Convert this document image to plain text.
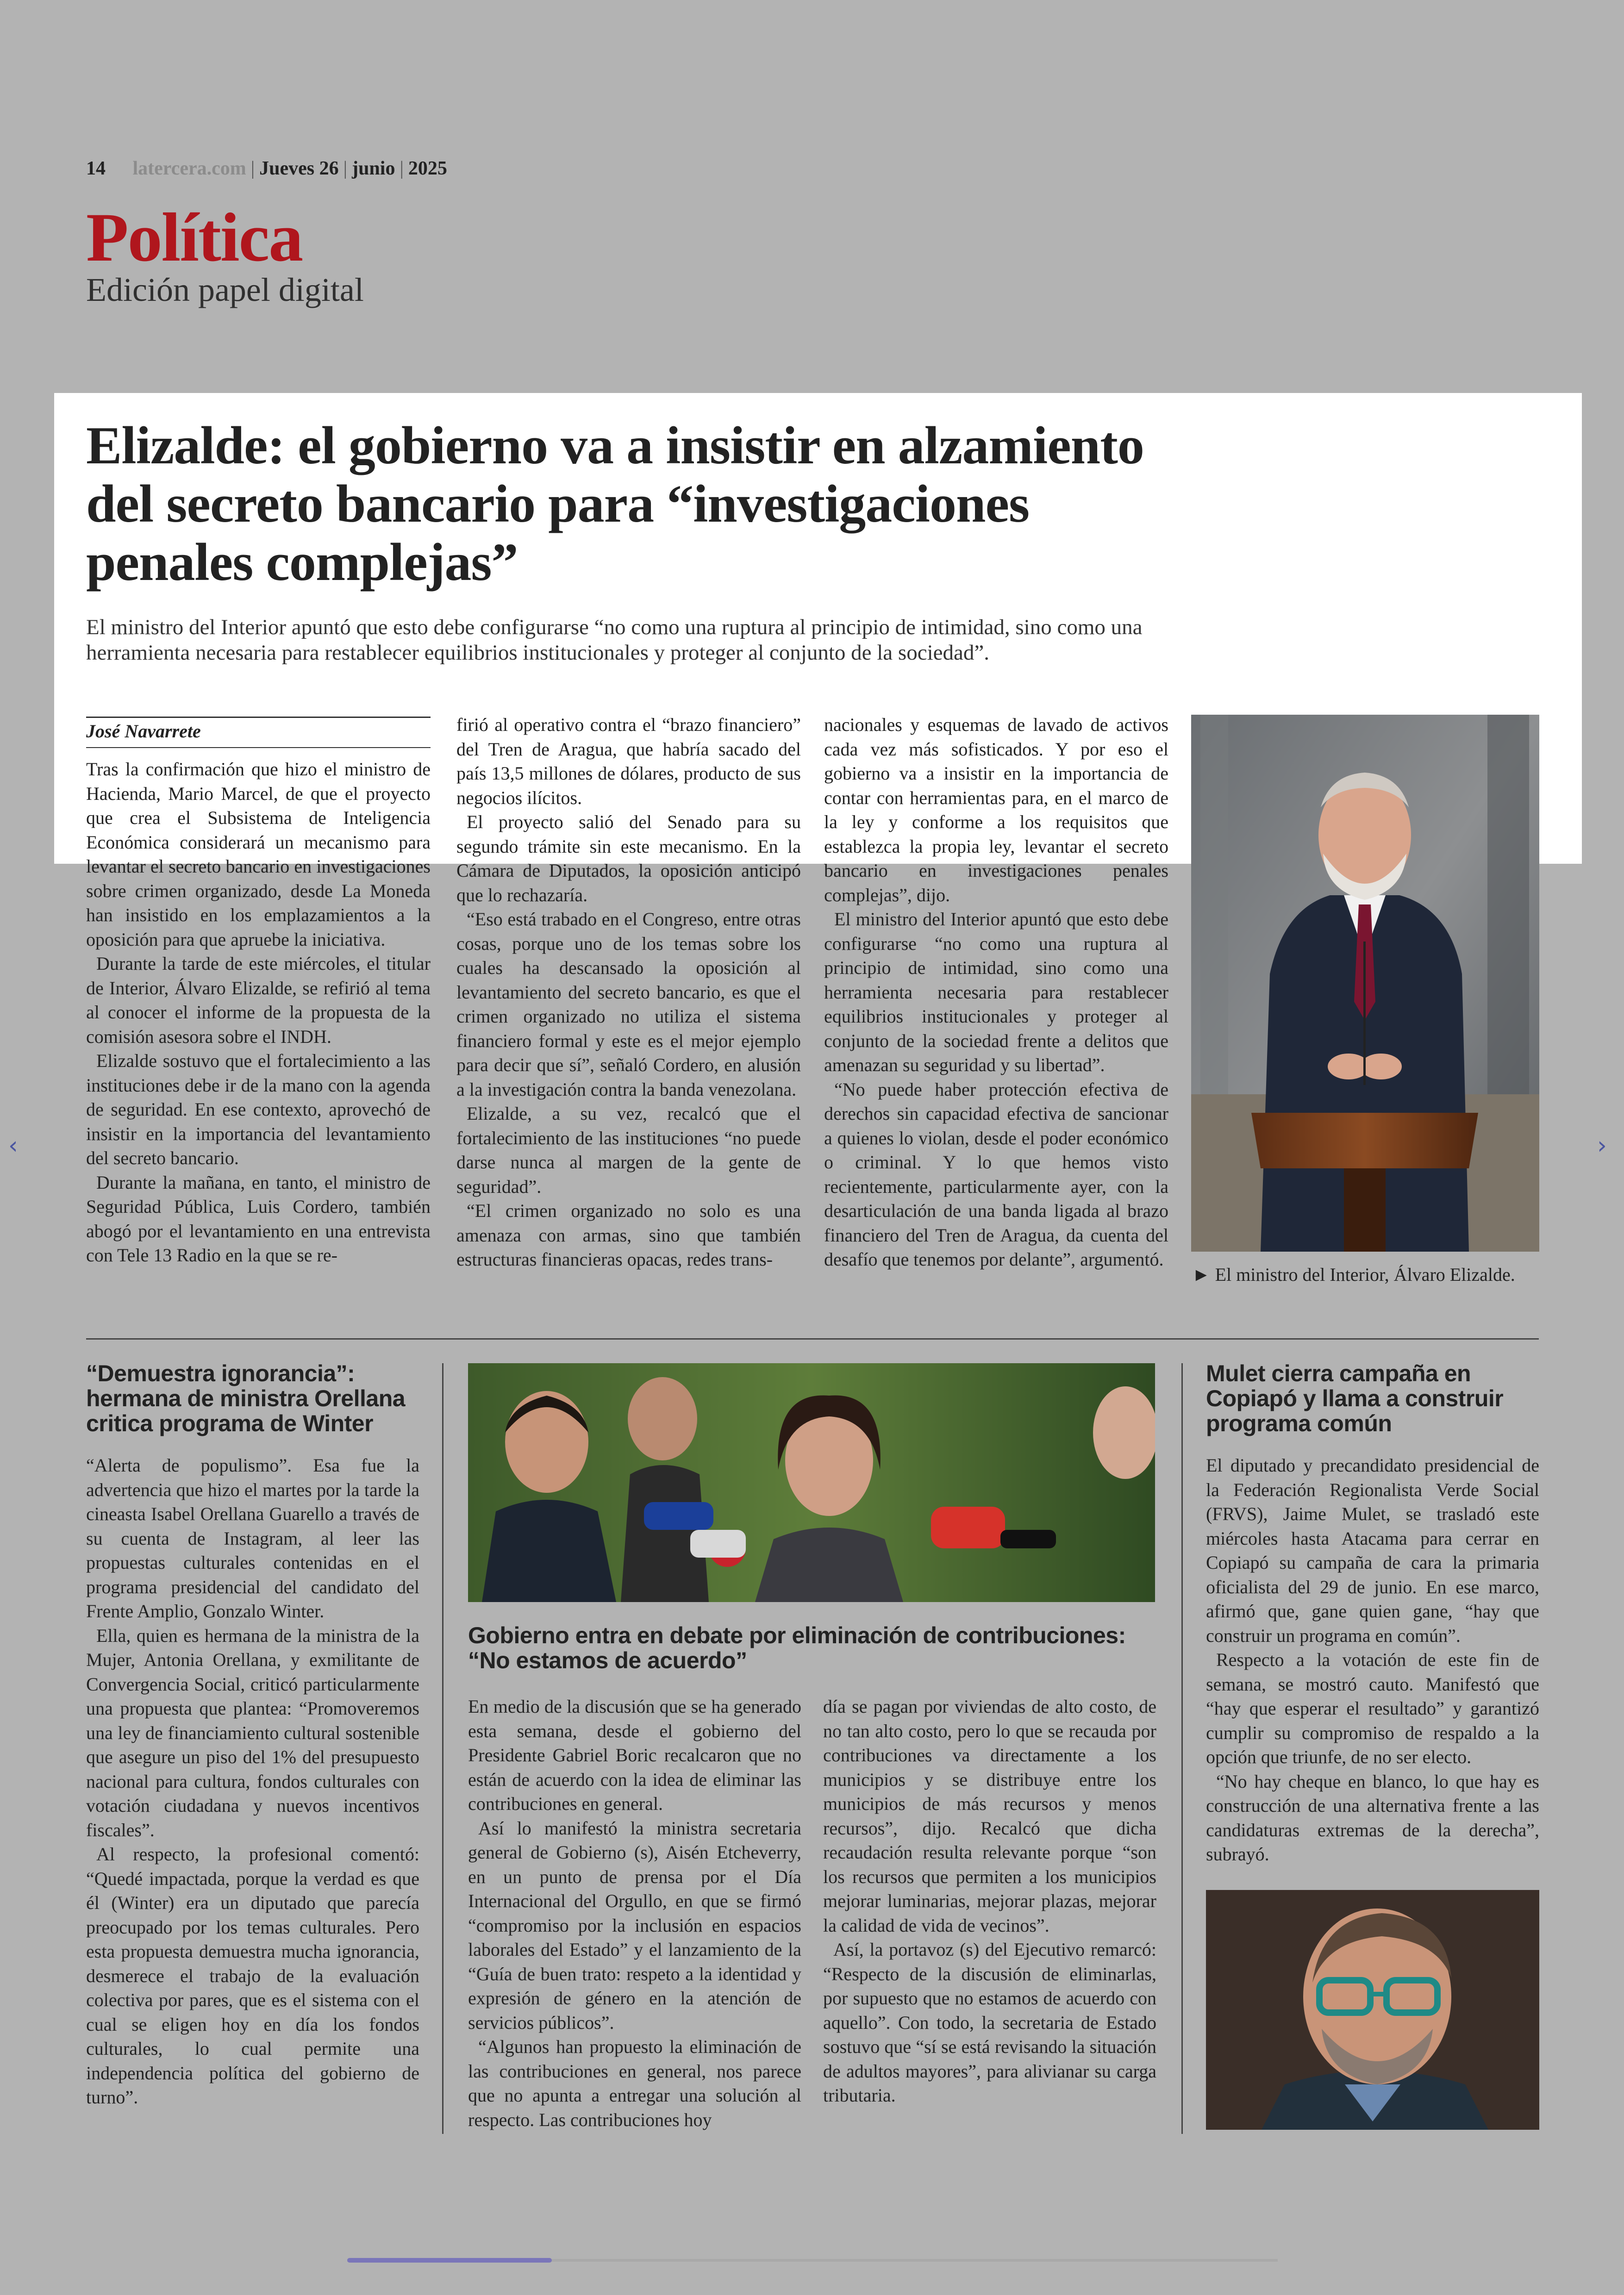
14 latercera.com | Jueves 26 | junio | 2025
Política
Edición papel digital
Elizalde: el gobierno va a insistir en alzamiento del secreto bancario para “investigaciones penales complejas”
El ministro del Interior apuntó que esto debe configurarse “no como una ruptura al principio de intimidad, sino como una herramienta necesaria para restablecer equilibrios institucionales y proteger al conjunto de la sociedad”.
José Navarrete

Tras la confirmación que hizo el ministro de Hacienda, Mario Marcel, de que el proyecto que crea el Subsistema de Inteligencia Económica considerará un mecanismo para levantar el secreto bancario en investigaciones sobre crimen organizado, desde La Moneda han insistido en los emplazamientos a la oposición para que apruebe la iniciativa.

Durante la tarde de este miércoles, el titular de Interior, Álvaro Elizalde, se refirió al tema al conocer el informe de la propuesta de la comisión asesora sobre el INDH.

Elizalde sostuvo que el fortalecimiento a las instituciones debe ir de la mano con la agenda de seguridad. En ese contexto, aprovechó de insistir en la importancia del levantamiento del secreto bancario.

Durante la mañana, en tanto, el ministro de Seguridad Pública, Luis Cordero, también abogó por el levantamiento en una entrevista con Tele 13 Radio en la que se re-

firió al operativo contra el “brazo financiero” del Tren de Aragua, que habría sacado del país 13,5 millones de dólares, producto de sus negocios ilícitos.

El proyecto salió del Senado para su segundo trámite sin este mecanismo. En la Cámara de Diputados, la oposición anticipó que lo rechazaría.

“Eso está trabado en el Congreso, entre otras cosas, porque uno de los temas sobre los cuales ha descansado la oposición al levantamiento del secreto bancario, es que el crimen organizado no utiliza el sistema financiero formal y este es el mejor ejemplo para decir que sí”, señaló Cordero, en alusión a la investigación contra la banda venezolana.

Elizalde, a su vez, recalcó que el fortalecimiento de las instituciones “no puede darse nunca al margen de la gente de seguridad”.

“El crimen organizado no solo es una amenaza con armas, sino que también estructuras financieras opacas, redes trans-

nacionales y esquemas de lavado de activos cada vez más sofisticados. Y por eso el gobierno va a insistir en la importancia de contar con herramientas para, en el marco de la ley y conforme a los requisitos que establezca la propia ley, levantar el secreto bancario en investigaciones penales complejas”, dijo.

El ministro del Interior apuntó que esto debe configurarse “no como una ruptura al principio de intimidad, sino como una herramienta necesaria para restablecer equilibrios institucionales y proteger al conjunto de la sociedad frente a delitos que amenazan su seguridad y su libertad”.

“No puede haber protección efectiva de derechos sin capacidad efectiva de sancionar a quienes lo violan, desde el poder económico o criminal. Y lo que hemos visto recientemente, particularmente ayer, con la desarticulación de una banda ligada al brazo financiero del Tren de Aragua, da cuenta del desafío que tenemos por delante”, argumentó.

► El ministro del Interior, Álvaro Elizalde.
“Demuestra ignorancia”: hermana de ministra Orellana critica programa de Winter

“Alerta de populismo”. Esa fue la advertencia que hizo el martes por la tarde la cineasta Isabel Orellana Guarello a través de su cuenta de Instagram, al leer las propuestas culturales contenidas en el programa presidencial del candidato del Frente Amplio, Gonzalo Winter.

Ella, quien es hermana de la ministra de la Mujer, Antonia Orellana, y exmilitante de Convergencia Social, criticó particularmente una propuesta que plantea: “Promoveremos una ley de financiamiento cultural sostenible que asegure un piso del 1% del presupuesto nacional para cultura, fondos culturales con votación ciudadana y nuevos incentivos fiscales”.

Al respecto, la profesional comentó: “Quedé impactada, porque la verdad es que él (Winter) era un diputado que parecía preocupado por los temas culturales. Pero esta propuesta demuestra mucha ignorancia, desmerece el trabajo de la evaluación colectiva por pares, que es el sistema con el cual se eligen hoy en día los fondos culturales, lo cual permite una independencia política del gobierno de turno”.

Gobierno entra en debate por eliminación de contribuciones: “No estamos de acuerdo”

En medio de la discusión que se ha generado esta semana, desde el gobierno del Presidente Gabriel Boric recalcaron que no están de acuerdo con la idea de eliminar las contribuciones en general.

Así lo manifestó la ministra secretaria general de Gobierno (s), Aisén Etcheverry, en un punto de prensa por el Día Internacional del Orgullo, en que se firmó “compromiso por la inclusión en espacios laborales del Estado” y el lanzamiento de la “Guía de buen trato: respeto a la identidad y expresión de género en la atención de servicios públicos”.

“Algunos han propuesto la eliminación de las contribuciones en general, nos parece que no apunta a entregar una solución al respecto. Las contribuciones hoy

día se pagan por viviendas de alto costo, de no tan alto costo, pero lo que se recauda por contribuciones va directamente a los municipios y se distribuye entre los municipios de más recursos y menos recursos”, dijo. Recalcó que dicha recaudación resulta relevante porque “son los recursos que permiten a los municipios mejorar luminarias, mejorar plazas, mejorar la calidad de vida de vecinos”.

Así, la portavoz (s) del Ejecutivo remarcó: “Respecto de la discusión de eliminarlas, por supuesto que no estamos de acuerdo con aquello”. Con todo, la secretaria de Estado sostuvo que “sí se está revisando la situación de adultos mayores”, para alivianar su carga tributaria.

Mulet cierra campaña en Copiapó y llama a construir programa común

El diputado y precandidato presidencial de la Federación Regionalista Verde Social (FRVS), Jaime Mulet, se trasladó este miércoles hasta Atacama para cerrar en Copiapó su campaña de cara la primaria oficialista del 29 de junio. En ese marco, afirmó que, gane quien gane, “hay que construir un programa en común”.

Respecto a la votación de este fin de semana, se mostró cauto. Manifestó que “hay que esperar el resultado” y garantizó cumplir su compromiso de respaldo a la opción que triunfe, de no ser electo.

“No hay cheque en blanco, lo que hay es construcción de una alternativa frente a las candidaturas extremas de la derecha”, subrayó.

‹	›
